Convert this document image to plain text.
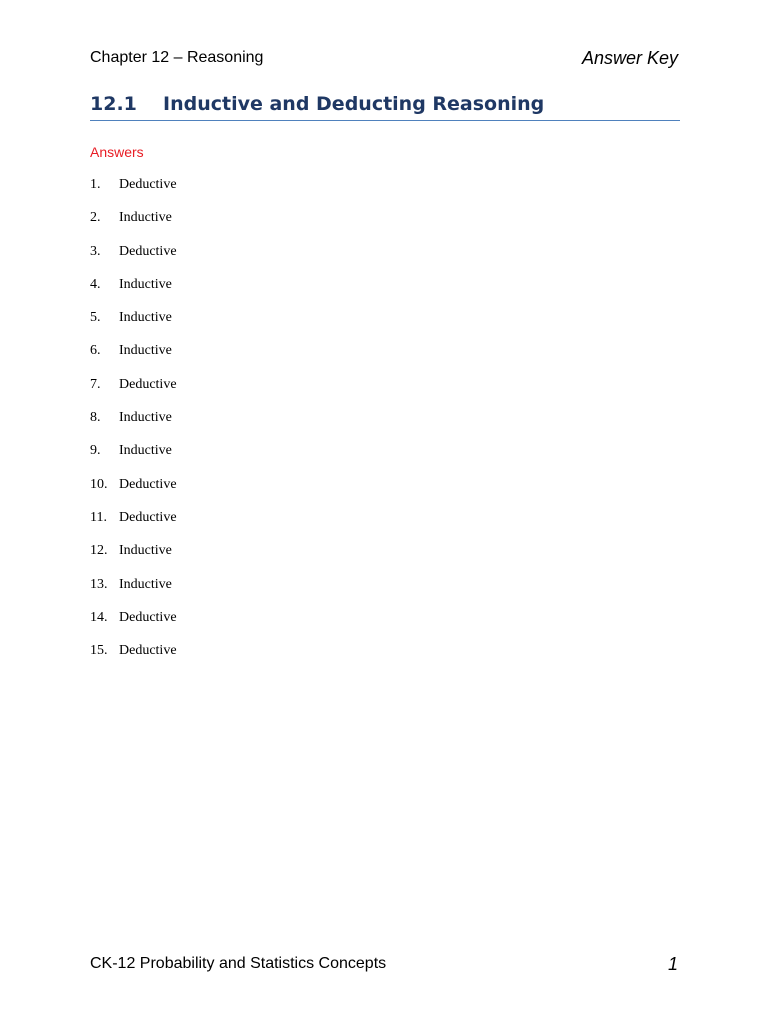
Chapter 12 – Reasoning	Answer Key
12.1 Inductive and Deducting Reasoning
Answers
1.	Deductive
2.	Inductive
3.	Deductive
4.	Inductive
5.	Inductive
6.	Inductive
7.	Deductive
8.	Inductive
9.	Inductive
10. Deductive
11. Deductive
12. Inductive
13. Inductive
14. Deductive
15. Deductive
CK-12 Probability and Statistics Concepts	1
